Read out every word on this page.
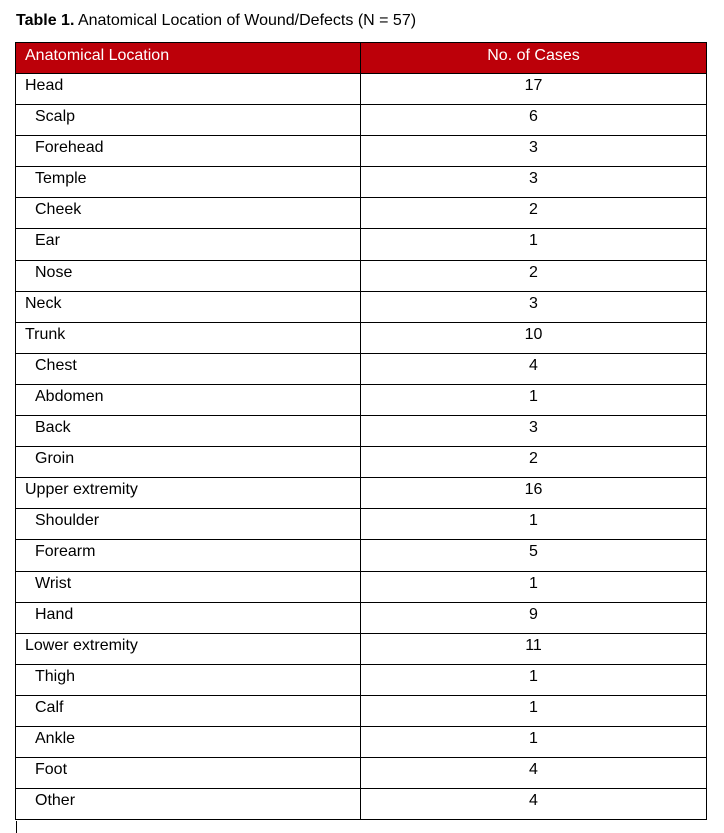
Table 1. Anatomical Location of Wound/Defects (N = 57)
Anatomical Location	No. of Cases
Head	17
Scalp	6
Forehead	3
Temple	3
Cheek	2
Ear	1
Nose	2
Neck	3
Trunk	10
Chest	4
Abdomen	1
Back	3
Groin	2
Upper extremity	16
Shoulder	1
Forearm	5
Wrist	1
Hand	9
Lower extremity	11
Thigh	1
Calf	1
Ankle	1
Foot	4
Other	4
